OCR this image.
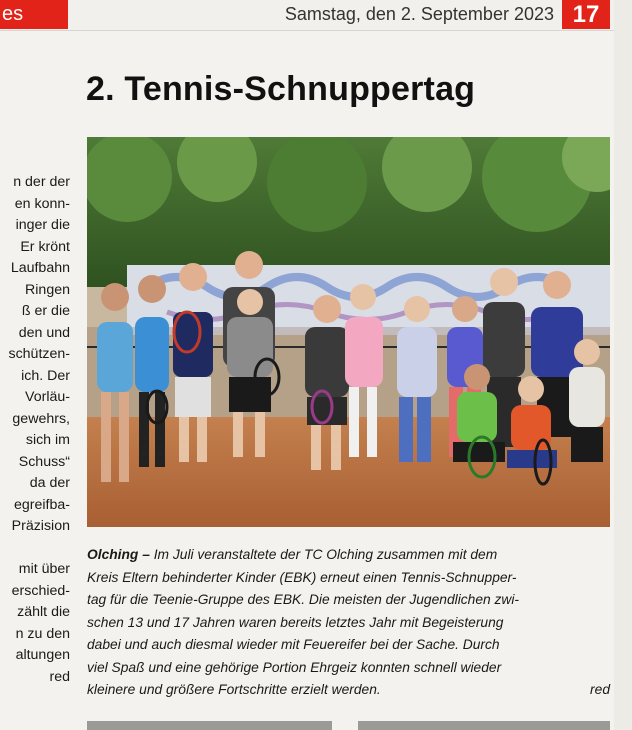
es	Samstag, den 2. September 2023 17
n der der
en konn-
inger die
Er krönt
Laufbahn
Ringen
ß er die
den und
schützen-
ich. Der
Vorläu-
gewehrs,
sich im
Schuss“
da der
egreifba-
Präzision
mit über
erschied-
zählt die
n zu den
altungen
red
2. Tennis-Schnuppertag
Olching – Im Juli veranstaltete der TC Olching zusammen mit dem
Kreis Eltern behinderter Kinder (EBK) erneut einen Tennis-Schnupper-
tag für die Teenie-Gruppe des EBK. Die meisten der Jugendlichen zwi-
schen 13 und 17 Jahren waren bereits letztes Jahr mit Begeisterung
dabei und auch diesmal wieder mit Feuereifer bei der Sache. Durch
viel Spaß und eine gehörige Portion Ehrgeiz konnten schnell wieder
kleinere und größere Fortschritte erzielt werden.	red
